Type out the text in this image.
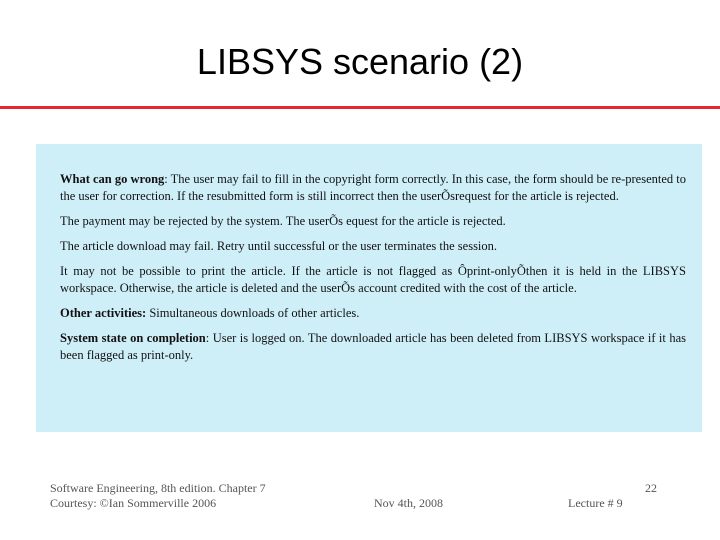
LIBSYS scenario (2)

What can go wrong: The user may fail to fill in the copyright form correctly. In this case, the form should be re-presented to the user for correction. If the resubmitted form is still incorrect then the userÕsrequest for the article is rejected.

The payment may be rejected by the system. The userÕs equest for the article is rejected.

The article download may fail. Retry until successful or the user terminates the session.

It may not be possible to print the article. If the article is not flagged as Ôprint-onlyÕthen it is held in the LIBSYS workspace. Otherwise, the article is deleted and the userÕs account credited with the cost of the article.

Other activities: Simultaneous downloads of other articles.

System state on completion: User is logged on. The downloaded article has been deleted from LIBSYS workspace if it has been flagged as print-only.

Software Engineering, 8th edition. Chapter 7
Courtesy: ©Ian Sommerville 2006	Nov 4th, 2008	Lecture # 9
22
